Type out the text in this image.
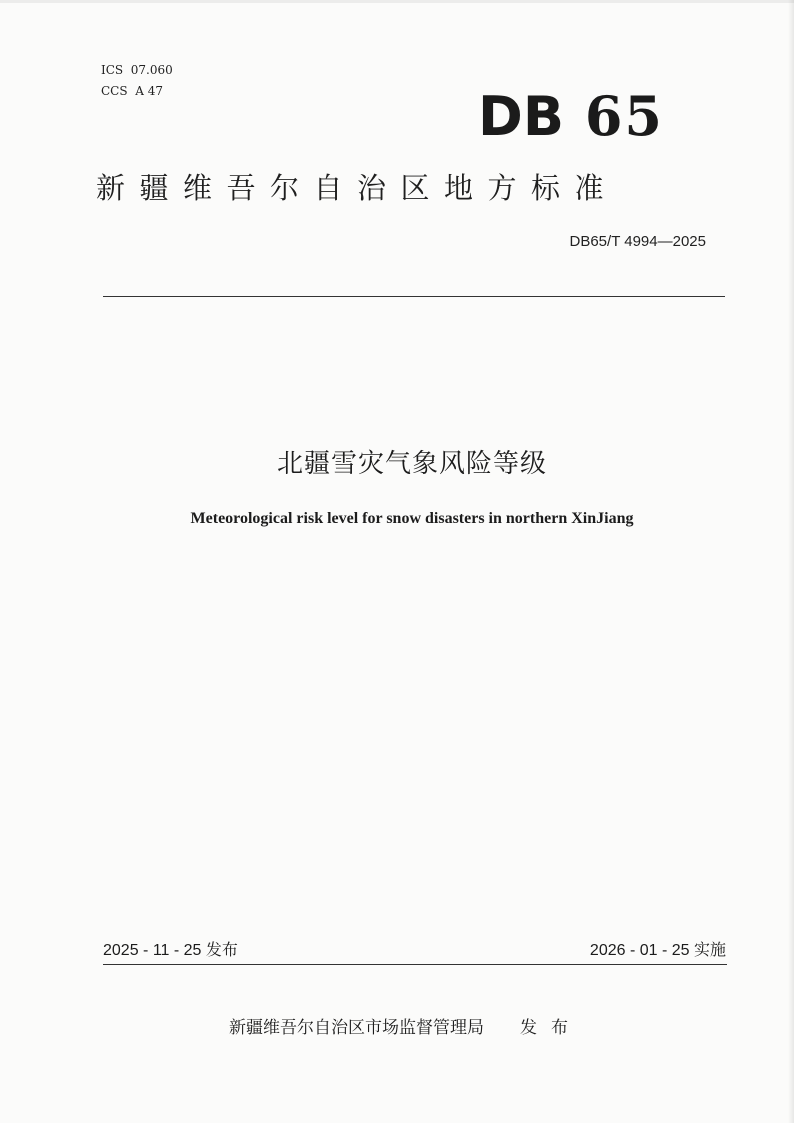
ICS  07.060
CCS  A 47	DB 65
新疆维吾尔自治区地方标准
DB65/T 4994—2025
北疆雪灾气象风险等级
Meteorological risk level for snow disasters in northern XinJiang
2025 - 11 - 25 发布	2026 - 01 - 25 实施
新疆维吾尔自治区市场监督管理局 发布
